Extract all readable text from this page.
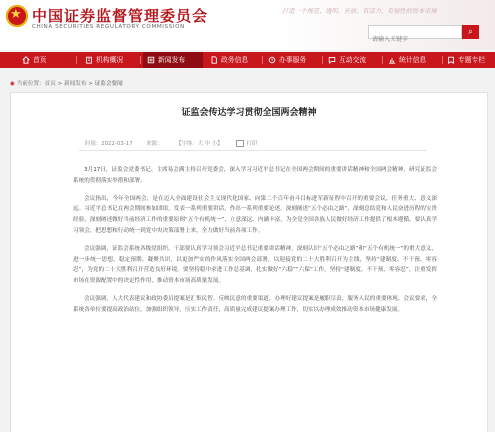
★ 中国证券监督管理委员会
CHINA SECURITIES REGULATORY COMMISSION
打造一个规范、透明、开放、有活力、有韧性的资本市场
请输入关键字
⌕
首页	机构概况	新闻发布	政务信息	办事服务	互动交流	统计信息	专题专栏
◉ 当前位置：首页 > 新闻发布 > 证监会要闻
证监会传达学习贯彻全国两会精神
时间：2022-03-17	来源：	【字体：大 中 小】	打印

3月17日，证监会党委书记、主席易会满主持召开党委会，深入学习习近平总书记在全国两会期间的重要讲话精神和全国两会精神，研究证监会系统的贯彻落实举措和部署。

会议指出，今年全国两会，是在迈入全面建设社会主义现代化国家、向第二个百年奋斗目标进军新征程中召开的重要会议，任务重大、意义深远。习近平总书记在两会期间参加团组，发表一系列重要讲话，作出一系列重要论述。深刻阐述“五个必由之路”，深刻总结党和人民奋进历程的宝贵经验，深刻阐述做好当前经济工作的重要原则“五个有机统一”，立意深远、内涵丰富，为全党全国各族人民做好经济工作提供了根本遵循。要认真学习领会，把思想和行动统一到党中央决策部署上来，全力做好当前各项工作。

会议强调，证监会系统各级党组织、干部要认真学习领会习近平总书记重要讲话精神，深刻认识“五个必由之路”和“五个有机统一”的重大意义，进一步统一思想、稳定预期、凝聚共识，以更加严实的作风落实全国两会部署，以迎接党的二十大胜利召开为主线，坚持“建制度、不干预、零容忍”，为党的二十大胜利召开营造良好环境。要坚持稳中求进工作总基调，扎实做好“六稳”“六保”工作，坚持“建制度、不干预、零容忍”，注重发挥市场在资源配置中的决定性作用，推动资本市场高质量发展。

会议强调，人大代表建议和政协委员提案是汇集民智、反映民意的重要渠道，办理好建议提案是履职尽责、服务人民的重要体现。会议要求，全系统各单位要提高政治站位，加强组织领导，压实工作责任，高质量完成建议提案办理工作，切实以办理成效推动资本市场健康发展。
